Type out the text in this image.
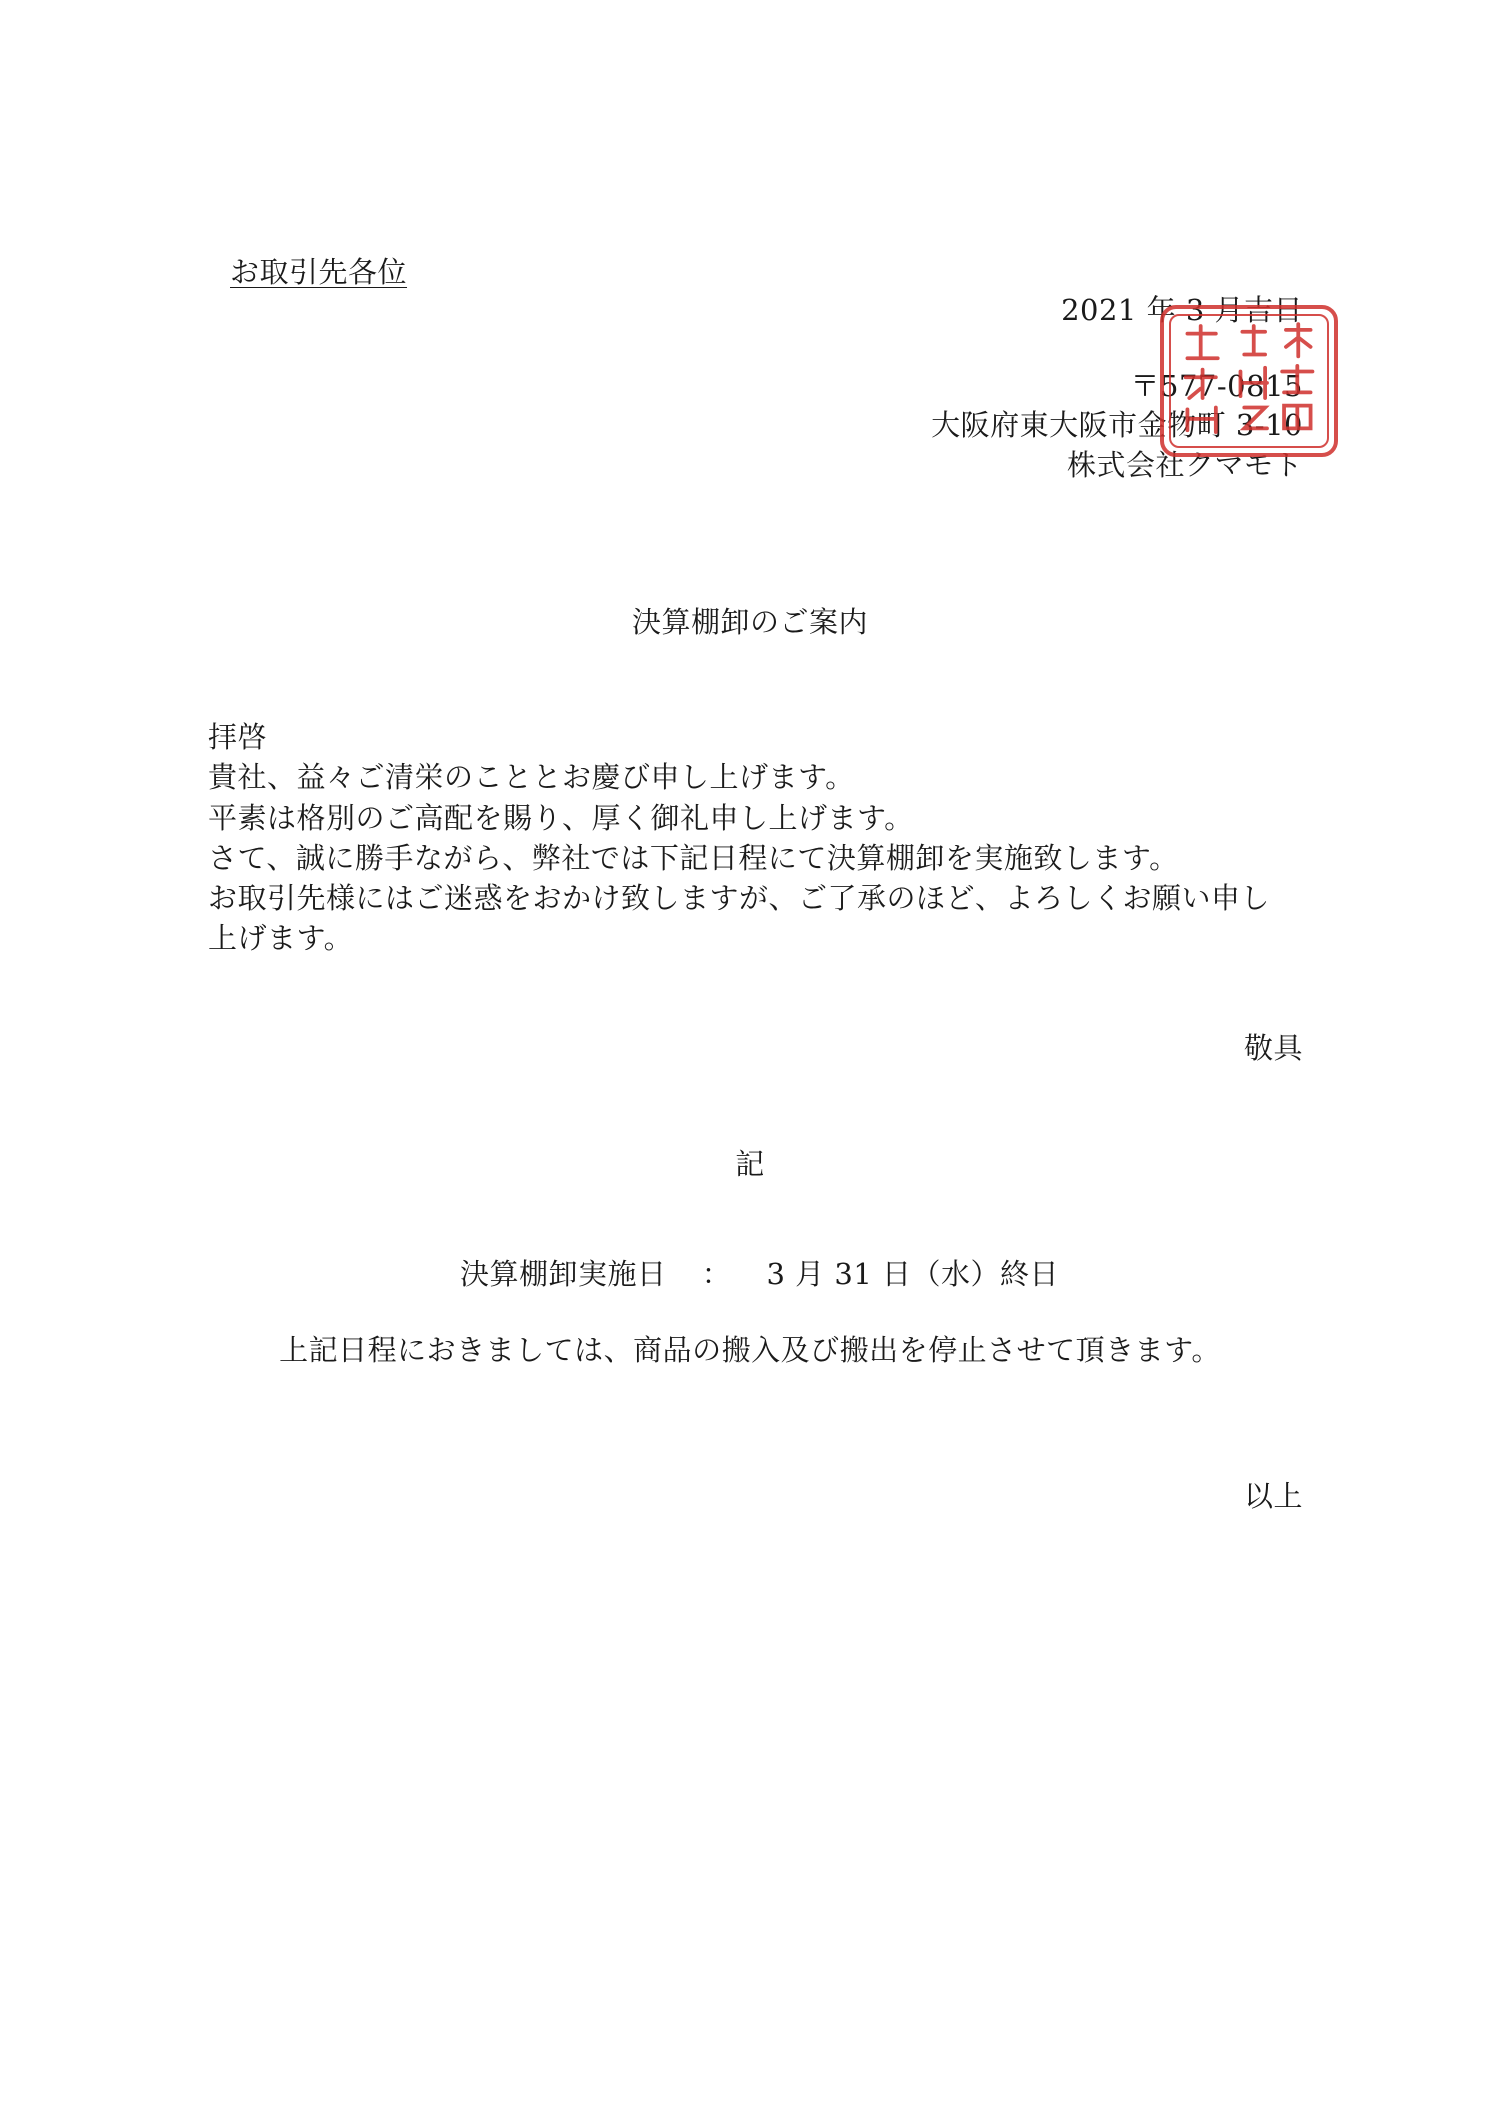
お取引先各位
2021 年 3 月吉日
〒577-0815
大阪府東大阪市金物町 3-10
株式会社クマモト
決算棚卸のご案内
拝啓
貴社、益々ご清栄のこととお慶び申し上げます。
平素は格別のご高配を賜り、厚く御礼申し上げます。
さて、誠に勝手ながら、弊社では下記日程にて決算棚卸を実施致します。
お取引先様にはご迷惑をおかけ致しますが、ご了承のほど、よろしくお願い申し
上げます。
敬具
記
決算棚卸実施日 ： 3 月 31 日（水）終日
上記日程におきましては、商品の搬入及び搬出を停止させて頂きます。
以上
